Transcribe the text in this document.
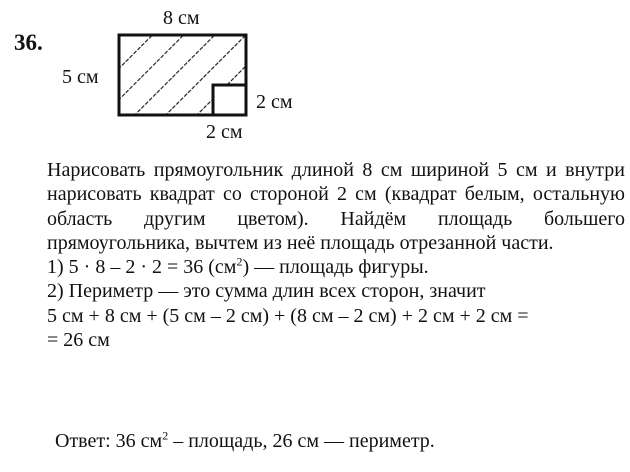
36.
8 см
5 см
2 см
2 см

Нарисовать прямоугольник длиной 8 см шириной 5 см и внутри нарисовать квадрат со стороной 2 см (квадрат белым, остальную область другим цветом). Найдём площадь большего прямоугольника, вычтем из неё площадь отрезанной части.

1) 5 · 8 – 2 · 2 = 36 $(см^2)$ — площадь фигуры.

2) Периметр — это сумма длин всех сторон, значит

5 см + 8 см + (5 см – 2 см) + (8 см – 2 см) + 2 см + 2 см =

= 26 см

Ответ: 36 $см^2$ – площадь, 26 см — периметр.
